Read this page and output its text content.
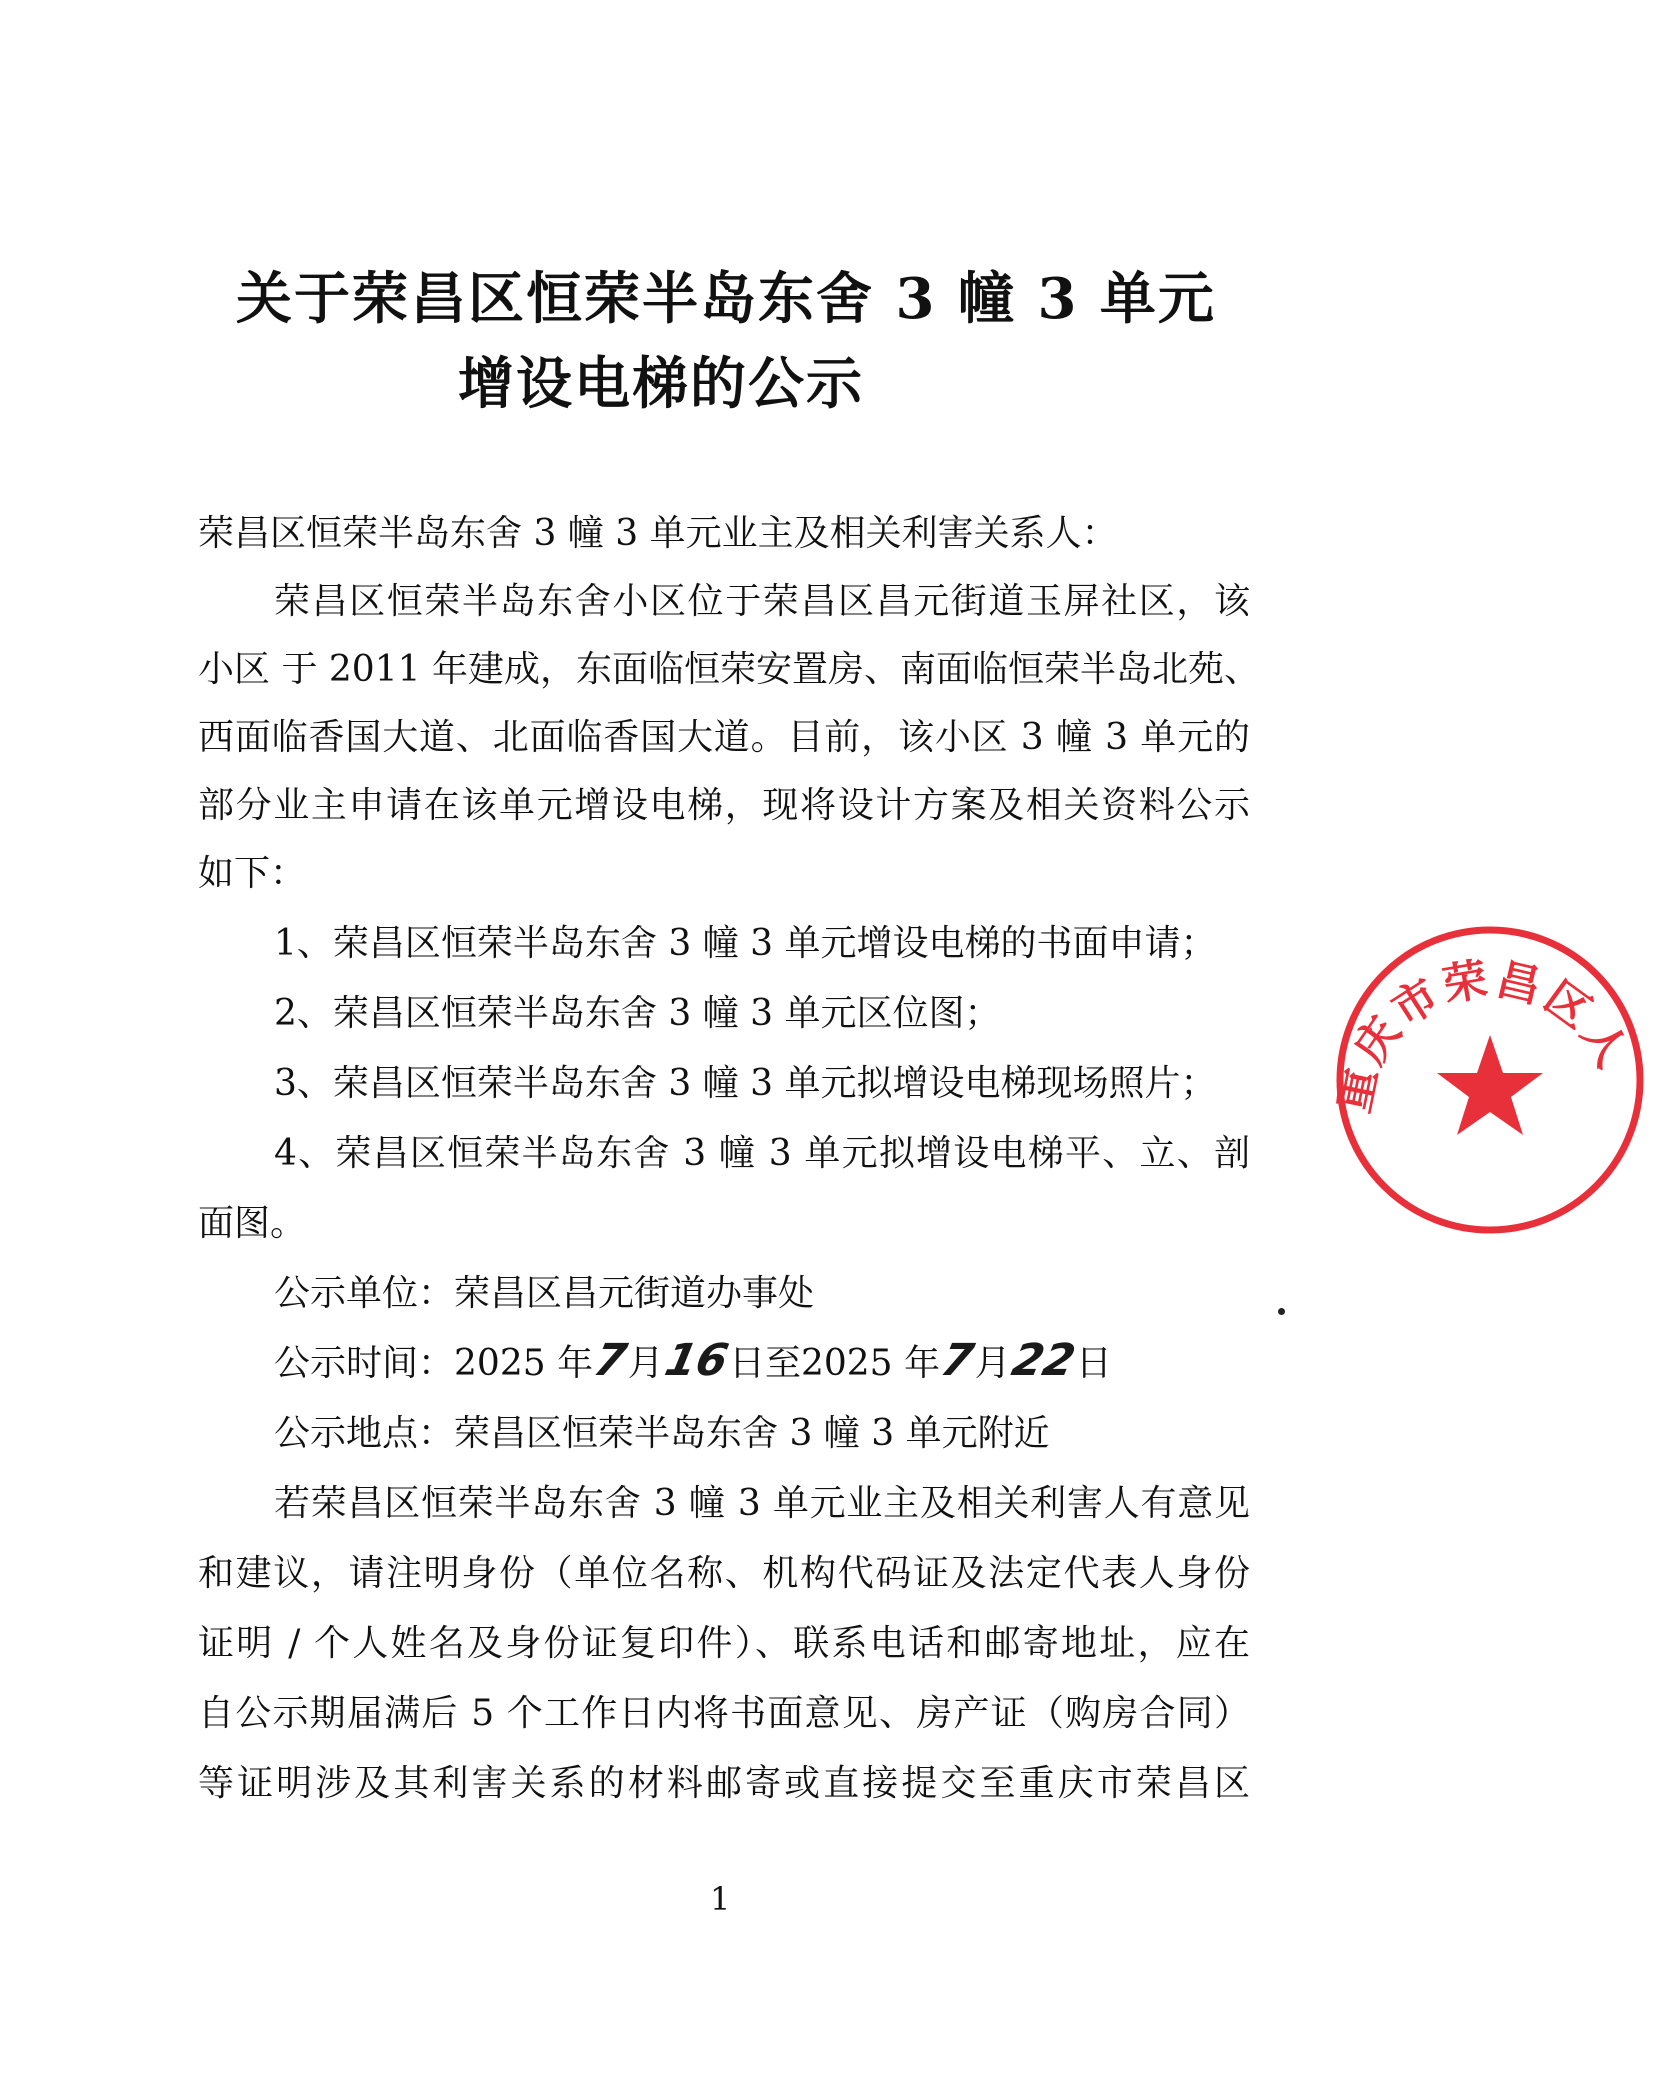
关于荣昌区恒荣半岛东舍 3 幢 3 单元
增设电梯的公示
荣昌区恒荣半岛东舍 3 幢 3 单元业主及相关利害关系人：
荣昌区恒荣半岛东舍小区位于荣昌区昌元街道玉屏社区，该
小区 于 2011 年建成，东面临恒荣安置房、南面临恒荣半岛北苑、
西面临香国大道、北面临香国大道。目前，该小区 3 幢 3 单元的
部分业主申请在该单元增设电梯，现将设计方案及相关资料公示
如下：
1、荣昌区恒荣半岛东舍 3 幢 3 单元增设电梯的书面申请；
2、荣昌区恒荣半岛东舍 3 幢 3 单元区位图；
3、荣昌区恒荣半岛东舍 3 幢 3 单元拟增设电梯现场照片；
4、荣昌区恒荣半岛东舍 3 幢 3 单元拟增设电梯平、立、剖
面图。
公示单位：荣昌区昌元街道办事处
公示时间：2025 年7月16日至2025 年7月22日
公示地点：荣昌区恒荣半岛东舍 3 幢 3 单元附近
若荣昌区恒荣半岛东舍 3 幢 3 单元业主及相关利害人有意见
和建议，请注明身份（单位名称、机构代码证及法定代表人身份
证明 / 个人姓名及身份证复印件）、联系电话和邮寄地址，应在
自公示期届满后 5 个工作日内将书面意见、房产证（购房合同）
等证明涉及其利害关系的材料邮寄或直接提交至重庆市荣昌区
1
重庆市荣昌区人
